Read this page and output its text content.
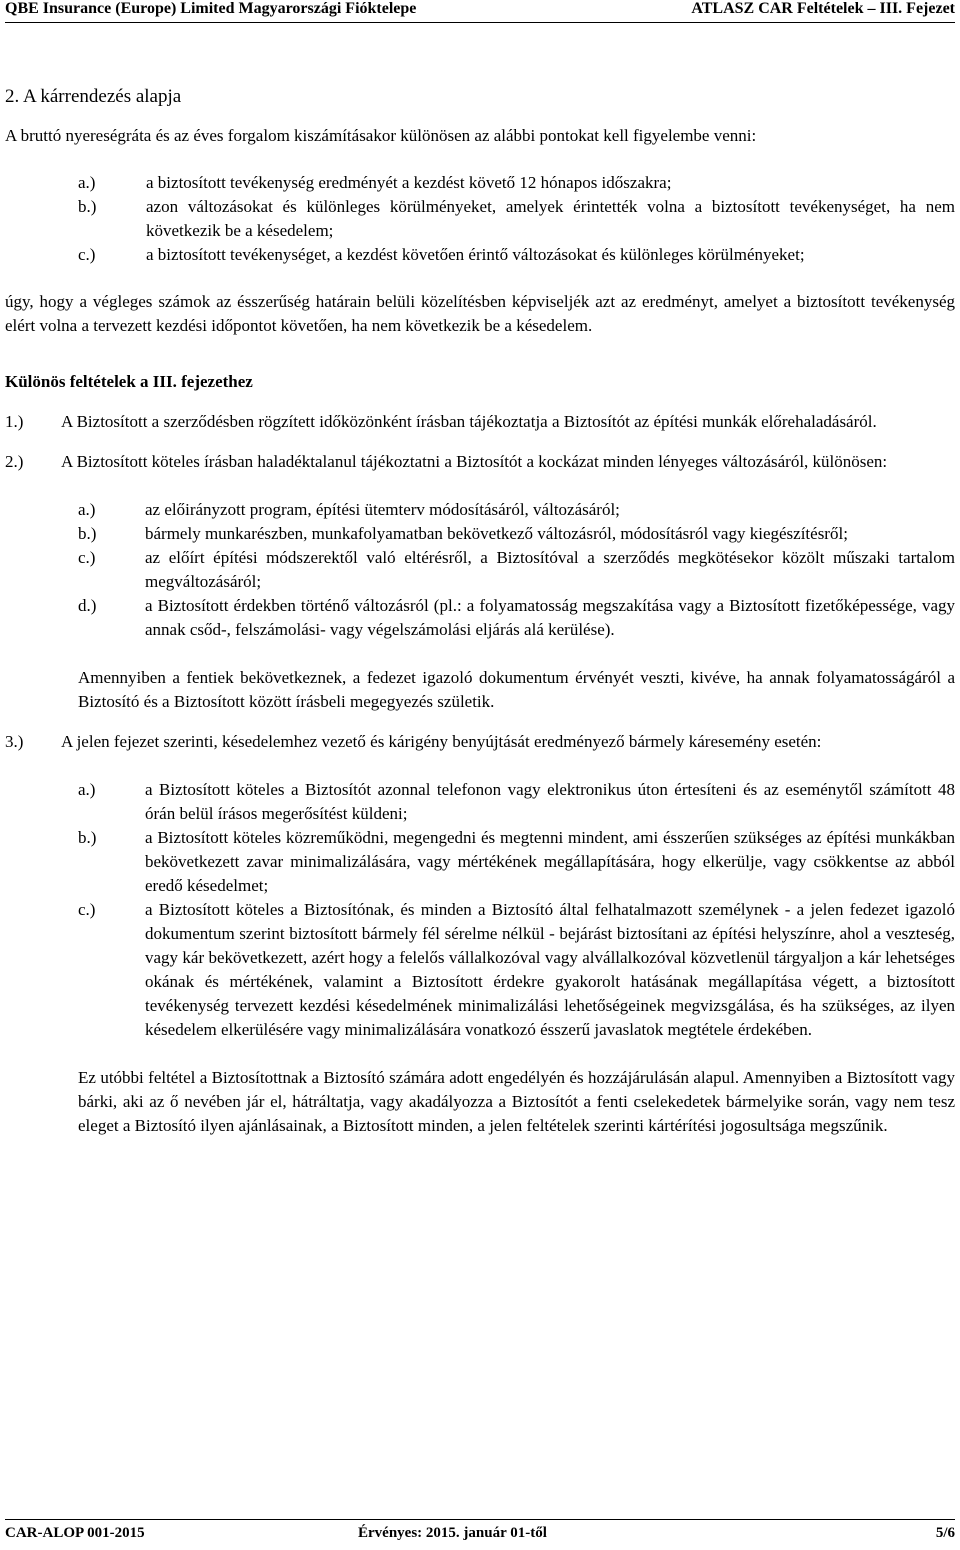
QBE Insurance (Europe) Limited Magyarországi Fióktelepe	ATLASZ CAR Feltételek – III. Fejezet
2. A kárrendezés alapja

A bruttó nyereségráta és az éves forgalom kiszámításakor különösen az alábbi pontokat kell figyelembe venni:

a.)	a biztosított tevékenység eredményét a kezdést követő 12 hónapos időszakra;
b.)	azon változásokat és különleges körülményeket, amelyek érintették volna a biztosított tevékenységet, ha nem következik be a késedelem;
c.)	a biztosított tevékenységet, a kezdést követően érintő változásokat és különleges körülményeket;

úgy, hogy a végleges számok az ésszerűség határain belüli közelítésben képviseljék azt az eredményt, amelyet a biztosított tevékenység elért volna a tervezett kezdési időpontot követően, ha nem következik be a késedelem.

Különös feltételek a III. fejezethez

1.)	A Biztosított a szerződésben rögzített időközönként írásban tájékoztatja a Biztosítót az építési munkák előrehaladásáról.
2.)	A Biztosított köteles írásban haladéktalanul tájékoztatni a Biztosítót a kockázat minden lényeges változásáról, különösen:
a.)	az előirányzott program, építési ütemterv módosításáról, változásáról;
b.)	bármely munkarészben, munkafolyamatban bekövetkező változásról, módosításról vagy kiegészítésről;
c.)	az előírt építési módszerektől való eltérésről, a Biztosítóval a szerződés megkötésekor közölt műszaki tartalom megváltozásáról;
d.)	a Biztosított érdekben történő változásról (pl.: a folyamatosság megszakítása vagy a Biztosított fizetőképessége, vagy annak csőd-, felszámolási- vagy végelszámolási eljárás alá kerülése).

Amennyiben a fentiek bekövetkeznek, a fedezet igazoló dokumentum érvényét veszti, kivéve, ha annak folyamatosságáról a Biztosító és a Biztosított között írásbeli megegyezés születik.

3.)	A jelen fejezet szerinti, késedelemhez vezető és kárigény benyújtását eredményező bármely káresemény esetén:
a.)	a Biztosított köteles a Biztosítót azonnal telefonon vagy elektronikus úton értesíteni és az eseménytől számított 48 órán belül írásos megerősítést küldeni;
b.)	a Biztosított köteles közreműködni, megengedni és megtenni mindent, ami ésszerűen szükséges az építési munkákban bekövetkezett zavar minimalizálására, vagy mértékének megállapítására, hogy elkerülje, vagy csökkentse az abból eredő késedelmet;
c.)	a Biztosított köteles a Biztosítónak, és minden a Biztosító által felhatalmazott személynek - a jelen fedezet igazoló dokumentum szerint biztosított bármely fél sérelme nélkül - bejárást biztosítani az építési helyszínre, ahol a veszteség, vagy kár bekövetkezett, azért hogy a felelős vállalkozóval vagy alvállalkozóval közvetlenül tárgyaljon a kár lehetséges okának és mértékének, valamint a Biztosított érdekre gyakorolt hatásának megállapítása végett, a biztosított tevékenység tervezett kezdési késedelmének minimalizálási lehetőségeinek megvizsgálása, és ha szükséges, az ilyen késedelem elkerülésére vagy minimalizálására vonatkozó ésszerű javaslatok megtétele érdekében.

Ez utóbbi feltétel a Biztosítottnak a Biztosító számára adott engedélyén és hozzájárulásán alapul. Amennyiben a Biztosított vagy bárki, aki az ő nevében jár el, hátráltatja, vagy akadályozza a Biztosítót a fenti cselekedetek bármelyike során, vagy nem tesz eleget a Biztosító ilyen ajánlásainak, a Biztosított minden, a jelen feltételek szerinti kártérítési jogosultsága megszűnik.

CAR-ALOP 001-2015	Érvényes: 2015. január 01-től	5/6
